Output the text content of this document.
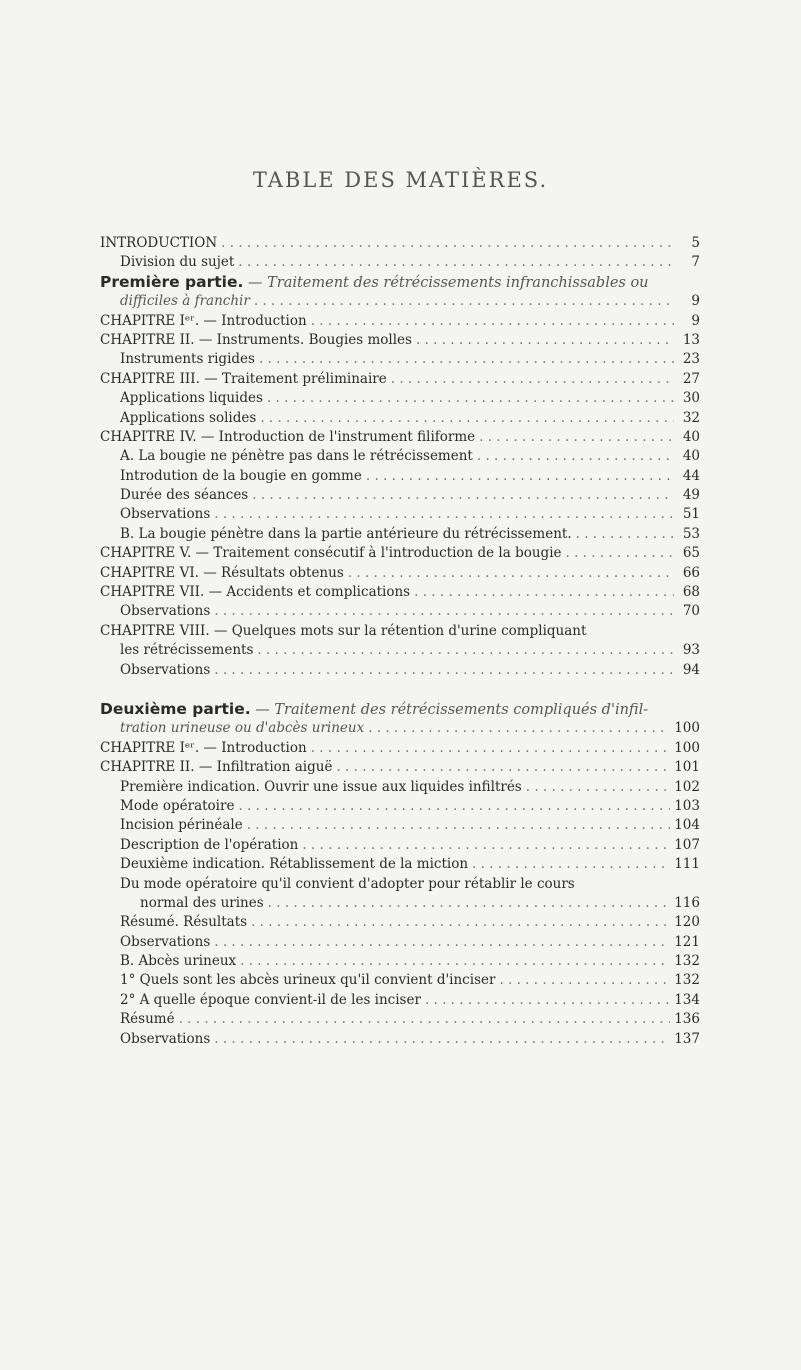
TABLE DES MATIÈRES.
INTRODUCTION . . .	5
Division du sujet . . .	7
Première partie. — Traitement des rétrécissements infranchissables ou
difficiles à franchir . . .	9
CHAPITRE Iᵉʳ. — Introduction . . .	9
CHAPITRE II. — Instruments. Bougies molles . . .	13
Instruments rigides . . .	23
CHAPITRE III. — Traitement préliminaire . . .	27
Applications liquides . . .	30
Applications solides . . .	32
CHAPITRE IV. — Introduction de l'instrument filiforme . . .	40
A. La bougie ne pénètre pas dans le rétrécissement . . .	40
Introdution de la bougie en gomme . . .	44
Durée des séances . . .	49
Observations . . .	51
B. La bougie pénètre dans la partie antérieure du rétrécissement. . . .	53
CHAPITRE V. — Traitement consécutif à l'introduction de la bougie . . .	65
CHAPITRE VI. — Résultats obtenus . . .	66
CHAPITRE VII. — Accidents et complications . . .	68
Observations . . .	70
CHAPITRE VIII. — Quelques mots sur la rétention d'urine compliquant
les rétrécissements . . .	93
Observations . . .	94
Deuxième partie. — Traitement des rétrécissements compliqués d'infil-
tration urineuse ou d'abcès urineux . . .	100
CHAPITRE Iᵉʳ. — Introduction . . .	100
CHAPITRE II. — Infiltration aiguë . . .	101
Première indication. Ouvrir une issue aux liquides infiltrés . . .	102
Mode opératoire . . .	103
Incision périnéale . . .	104
Description de l'opération . . .	107
Deuxième indication. Rétablissement de la miction . . .	111
Du mode opératoire qu'il convient d'adopter pour rétablir le cours
normal des urines . . .	116
Résumé. Résultats . . .	120
Observations . . .	121
B. Abcès urineux . . .	132
1° Quels sont les abcès urineux qu'il convient d'inciser . . .	132
2° A quelle époque convient-il de les inciser . . .	134
Résumé . . .	136
Observations . . .	137
